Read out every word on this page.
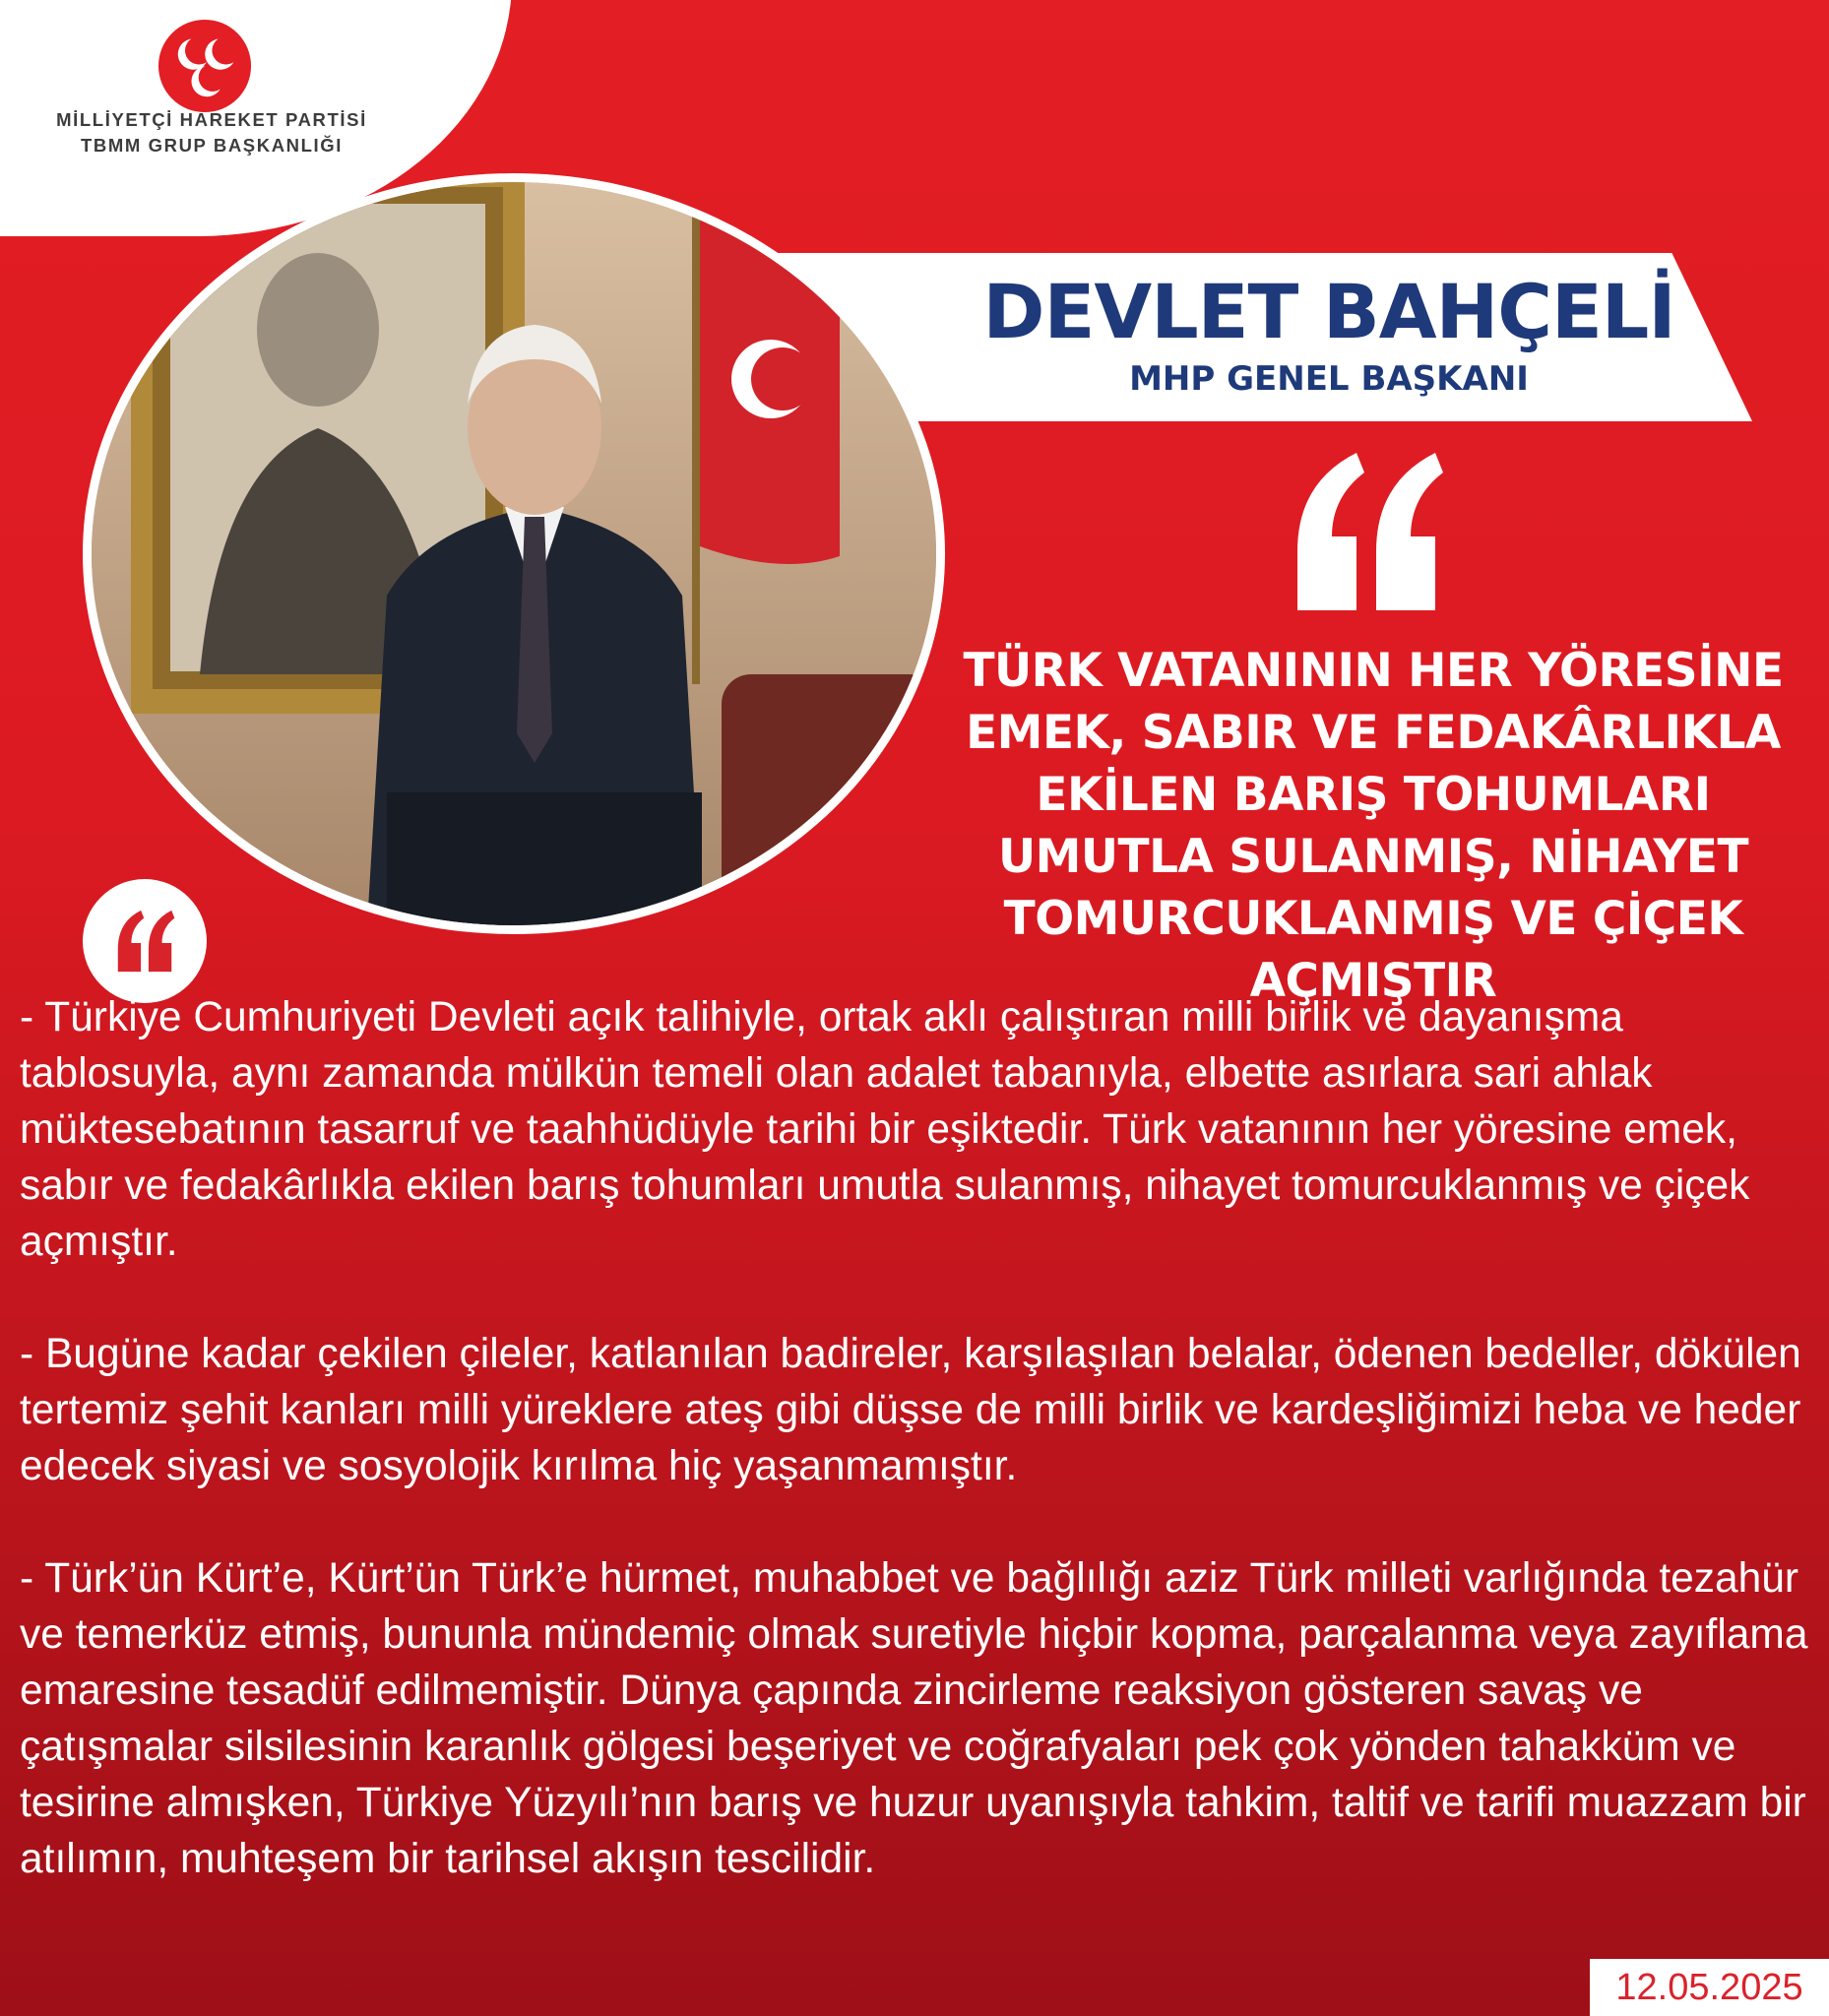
MİLLİYETÇİ HAREKET PARTİSİ
TBMM GRUP BAŞKANLIĞI
DEVLET BAHÇELİ
MHP GENEL BAŞKANI
TÜRK VATANININ HER YÖRESİNE EMEK, SABIR VE FEDAKÂRLIKLA EKİLEN BARIŞ TOHUMLARI UMUTLA SULANMIŞ, NİHAYET TOMURCUKLANMIŞ VE ÇİÇEK AÇMIŞTIR

- Türkiye Cumhuriyeti Devleti açık talihiyle, ortak aklı çalıştıran milli birlik ve dayanışma tablosuyla, aynı zamanda mülkün temeli olan adalet tabanıyla, elbette asırlara sari ahlak müktesebatının tasarruf ve taahhüdüyle tarihi bir eşiktedir. Türk vatanının her yöresine emek, sabır ve fedakârlıkla ekilen barış tohumları umutla sulanmış, nihayet tomurcuklanmış ve çiçek açmıştır.

- Bugüne kadar çekilen çileler, katlanılan badireler, karşılaşılan belalar, ödenen bedeller, dökülen tertemiz şehit kanları milli yüreklere ateş gibi düşse de milli birlik ve kardeşliğimizi heba ve heder edecek siyasi ve sosyolojik kırılma hiç yaşanmamıştır.

- Türk’ün Kürt’e, Kürt’ün Türk’e hürmet, muhabbet ve bağlılığı aziz Türk milleti varlığında tezahür ve temerküz etmiş, bununla mündemiç olmak suretiyle hiçbir kopma, parçalanma veya zayıflama emaresine tesadüf edilmemiştir. Dünya çapında zincirleme reaksiyon gösteren savaş ve çatışmalar silsilesinin karanlık gölgesi beşeriyet ve coğrafyaları pek çok yönden tahakküm ve tesirine almışken, Türkiye Yüzyılı’nın barış ve huzur uyanışıyla tahkim, taltif ve tarifi muazzam bir atılımın, muhteşem bir tarihsel akışın tescilidir.

12.05.2025
